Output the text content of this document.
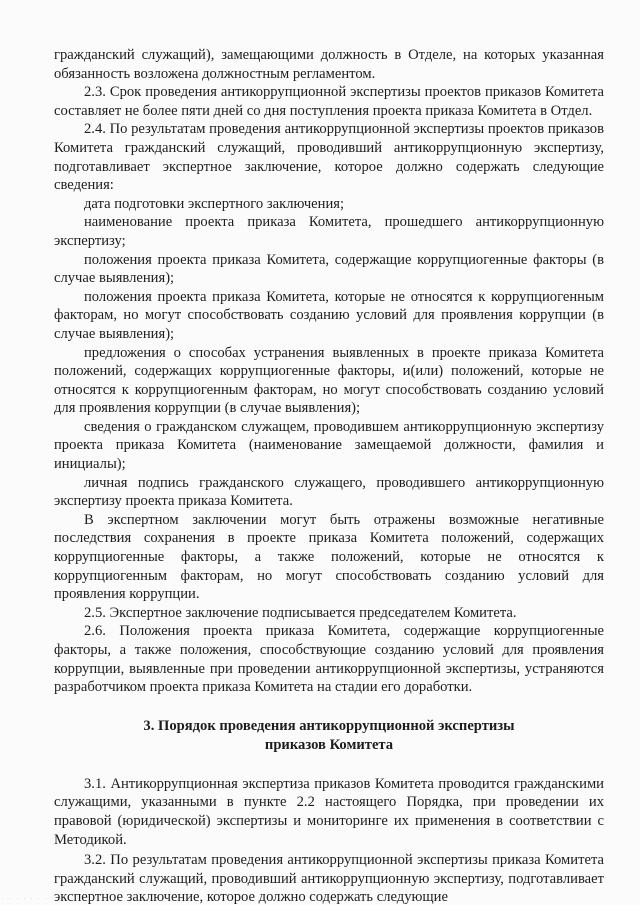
гражданский служащий), замещающими должность в Отделе, на которых указанная обязанность возложена должностным регламентом.

2.3. Срок проведения антикоррупционной экспертизы проектов приказов Комитета составляет не более пяти дней со дня поступления проекта приказа Комитета в Отдел.

2.4. По результатам проведения антикоррупционной экспертизы проектов приказов Комитета гражданский служащий, проводивший антикоррупционную экспертизу, подготавливает экспертное заключение, которое должно содержать следующие сведения:

дата подготовки экспертного заключения;

наименование проекта приказа Комитета, прошедшего антикоррупционную экспертизу;

положения проекта приказа Комитета, содержащие коррупциогенные факторы (в случае выявления);

положения проекта приказа Комитета, которые не относятся к коррупциогенным факторам, но могут способствовать созданию условий для проявления коррупции (в случае выявления);

предложения о способах устранения выявленных в проекте приказа Комитета положений, содержащих коррупциогенные факторы, и(или) положений, которые не относятся к коррупциогенным факторам, но могут способствовать созданию условий для проявления коррупции (в случае выявления);

сведения о гражданском служащем, проводившем антикоррупционную экспертизу проекта приказа Комитета (наименование замещаемой должности, фамилия и инициалы);

личная подпись гражданского служащего, проводившего антикоррупционную экспертизу проекта приказа Комитета.

В экспертном заключении могут быть отражены возможные негативные последствия сохранения в проекте приказа Комитета положений, содержащих коррупциогенные факторы, а также положений, которые не относятся к коррупциогенным факторам, но могут способствовать созданию условий для проявления коррупции.

2.5. Экспертное заключение подписывается председателем Комитета.

2.6. Положения проекта приказа Комитета, содержащие коррупциогенные факторы, а также положения, способствующие созданию условий для проявления коррупции, выявленные при проведении антикоррупционной экспертизы, устраняются разработчиком проекта приказа Комитета на стадии его доработки.

3. Порядок проведения антикоррупционной экспертизы
приказов Комитета

3.1. Антикоррупционная экспертиза приказов Комитета проводится гражданскими служащими, указанными в пункте 2.2 настоящего Порядка, при проведении их правовой (юридической) экспертизы и мониторинге их применения в соответствии с Методикой.

3.2. По результатам проведения антикоррупционной экспертизы приказа Комитета гражданский служащий, проводивший антикоррупционную экспертизу, подготавливает экспертное заключение, которое должно содержать следующие

· · · · · · · ·
